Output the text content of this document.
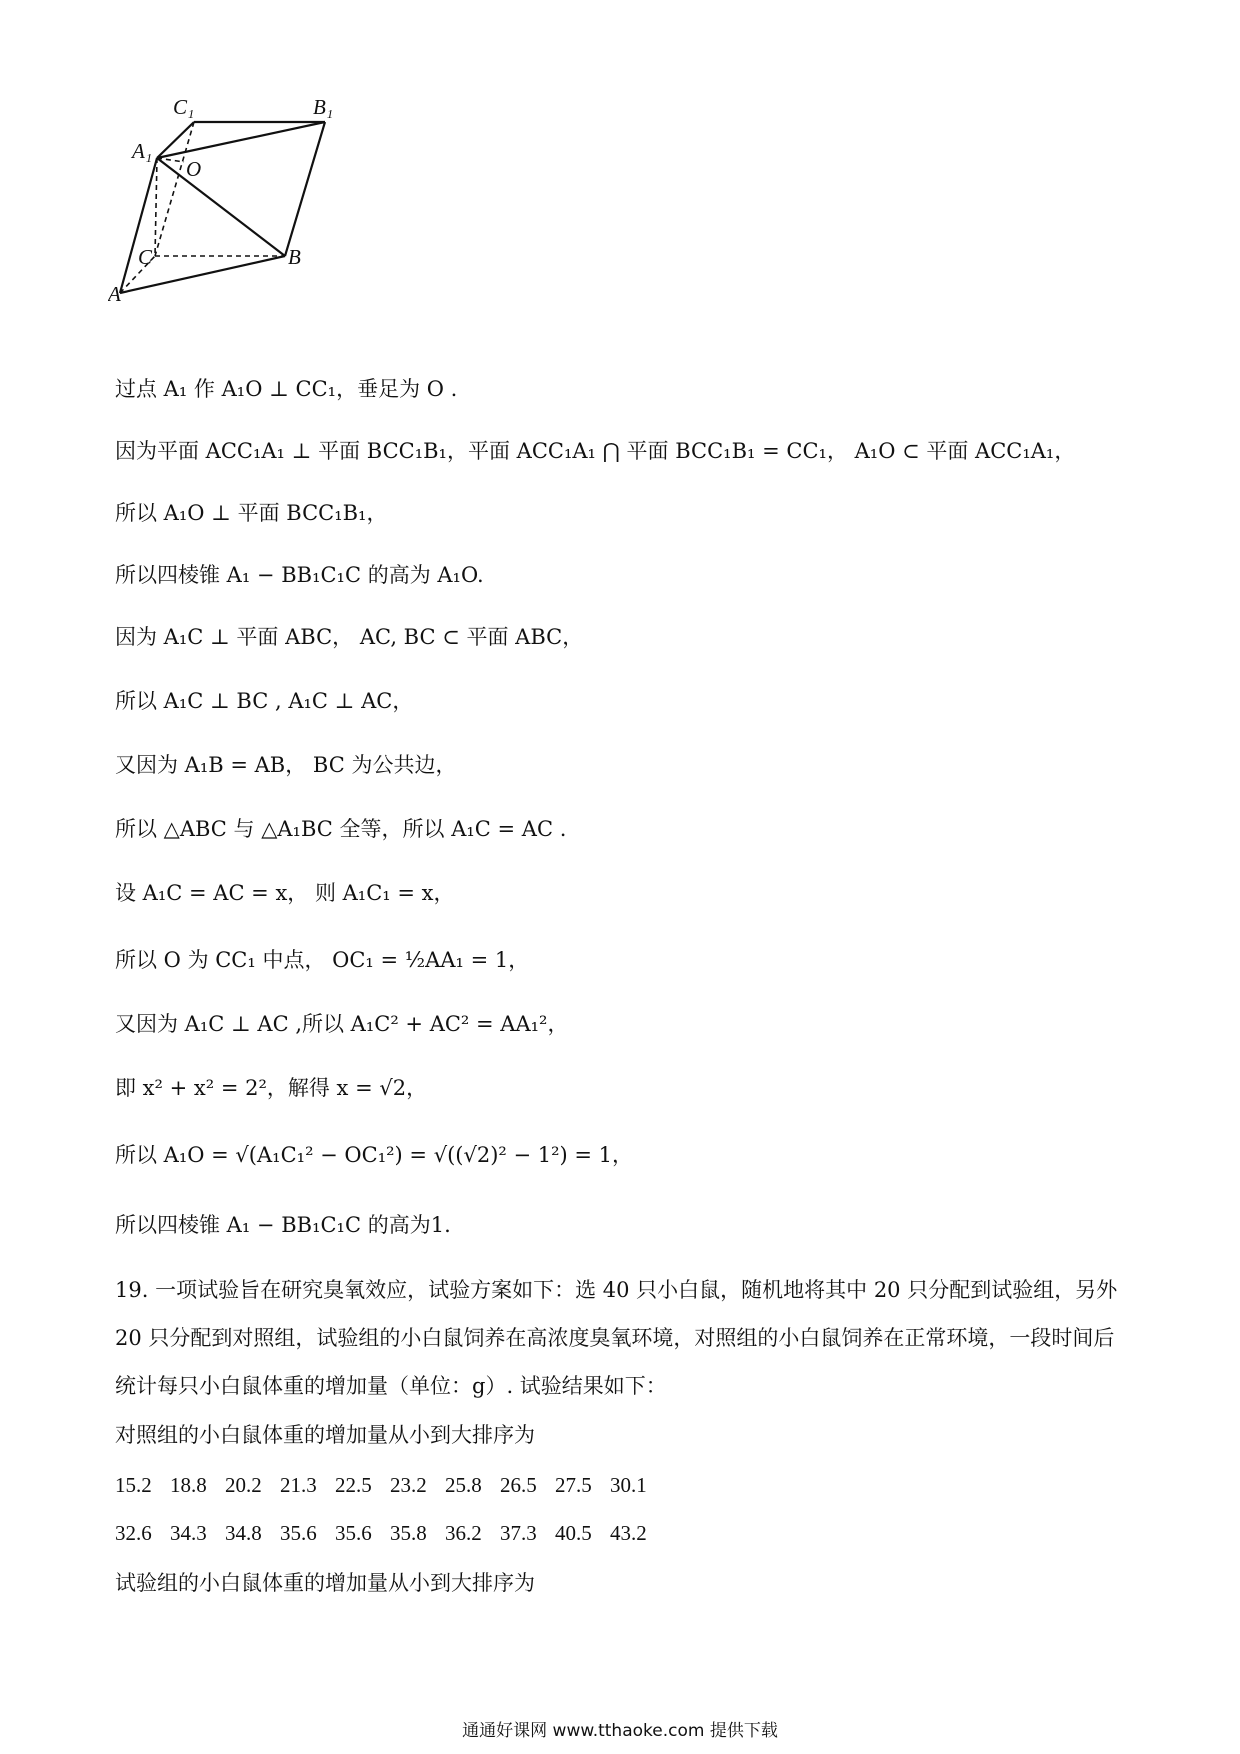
C₁	B₁
A₁
O
C	B
A
过点 A₁ 作 A₁O ⊥ CC₁，垂足为 O .
因为平面 ACC₁A₁ ⊥ 平面 BCC₁B₁，平面 ACC₁A₁ ⋂ 平面 BCC₁B₁ = CC₁， A₁O ⊂ 平面 ACC₁A₁，
所以 A₁O ⊥ 平面 BCC₁B₁，
所以四棱锥 A₁ − BB₁C₁C 的高为 A₁O.
因为 A₁C ⊥ 平面 ABC， AC, BC ⊂ 平面 ABC，
所以 A₁C ⊥ BC , A₁C ⊥ AC，
又因为 A₁B = AB， BC 为公共边，
所以 △ABC 与 △A₁BC 全等，所以 A₁C = AC .
设 A₁C = AC = x， 则 A₁C₁ = x，
所以 O 为 CC₁ 中点， OC₁ = ½AA₁ = 1，
又因为 A₁C ⊥ AC ,所以 A₁C² + AC² = AA₁²，
即 x² + x² = 2²，解得 x = √2，
所以 A₁O = √(A₁C₁² − OC₁²) = √((√2)² − 1²) = 1，
所以四棱锥 A₁ − BB₁C₁C 的高为1.
19. 一项试验旨在研究臭氧效应，试验方案如下：选 40 只小白鼠，随机地将其中 20 只分配到试验组，另外 20 只分配到对照组，试验组的小白鼠饲养在高浓度臭氧环境，对照组的小白鼠饲养在正常环境，一段时间后统计每只小白鼠体重的增加量（单位：g）. 试验结果如下：
对照组的小白鼠体重的增加量从小到大排序为
15.2 18.8 20.2 21.3 22.5 23.2 25.8 26.5 27.5 30.1
32.6 34.3 34.8 35.6 35.6 35.8 36.2 37.3 40.5 43.2
试验组的小白鼠体重的增加量从小到大排序为
通通好课网 www.tthaoke.com 提供下载
